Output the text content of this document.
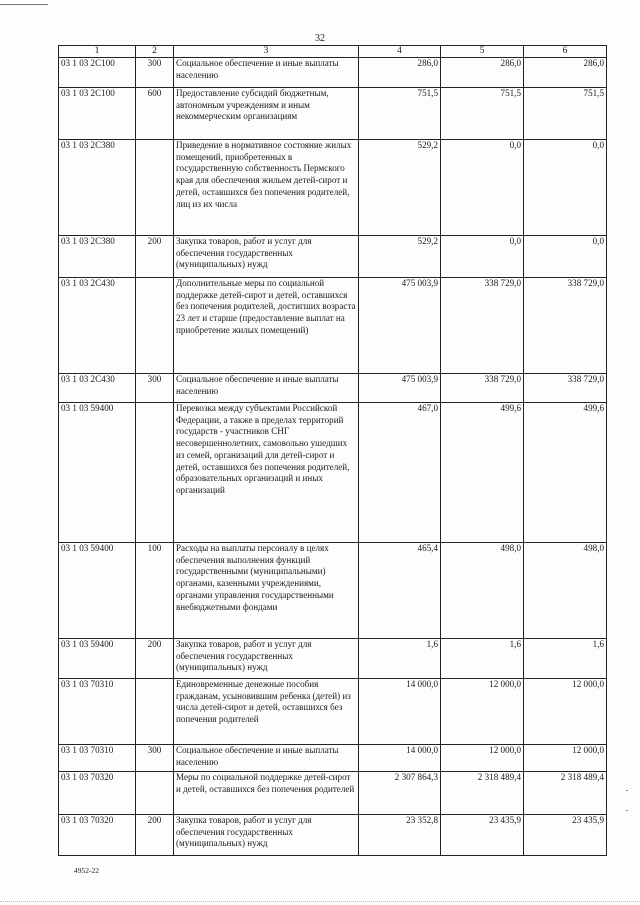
32
1	2	3	4	5	6
03 1 03 2С100	300	Социальное обеспечение и иные выплаты населению	286,0	286,0	286,0
03 1 03 2С100	600	Предоставление субсидий бюджетным, автономным учреждениям и иным некоммерческим организациям	751,5	751,5	751,5
03 1 03 2С380		Приведение в нормативное состояние жилых помещений, приобретенных в государственную собственность Пермского края для обеспечения жильем детей-сирот и детей, оставшихся без попечения родителей, лиц из их числа	529,2	0,0	0,0
03 1 03 2С380	200	Закупка товаров, работ и услуг для обеспечения государственных (муниципальных) нужд	529,2	0,0	0,0
03 1 03 2С430		Дополнительные меры по социальной поддержке детей-сирот и детей, оставшихся без попечения родителей, достигших возраста 23 лет и старше (предоставление выплат на приобретение жилых помещений)	475 003,9	338 729,0	338 729,0
03 1 03 2С430	300	Социальное обеспечение и иные выплаты населению	475 003,9	338 729,0	338 729,0
03 1 03 59400		Перевозка между субъектами Российской Федерации, а также в пределах территорий государств - участников СНГ несовершеннолетних, самовольно ушедших из семей, организаций для детей-сирот и детей, оставшихся без попечения родителей, образовательных организаций и иных организаций	467,0	499,6	499,6
03 1 03 59400	100	Расходы на выплаты персоналу в целях обеспечения выполнения функций государственными (муниципальными) органами, казенными учреждениями, органами управления государственными внебюджетными фондами	465,4	498,0	498,0
03 1 03 59400	200	Закупка товаров, работ и услуг для обеспечения государственных (муниципальных) нужд	1,6	1,6	1,6
03 1 03 70310		Единовременные денежные пособия гражданам, усыновившим ребенка (детей) из числа детей-сирот и детей, оставшихся без попечения родителей	14 000,0	12 000,0	12 000,0
03 1 03 70310	300	Социальное обеспечение и иные выплаты населению	14 000,0	12 000,0	12 000,0
03 1 03 70320		Меры по социальной поддержке детей-сирот и детей, оставшихся без попечения родителей	2 307 864,3	2 318 489,4	2 318 489,4
03 1 03 70320	200	Закупка товаров, работ и услуг для обеспечения государственных (муниципальных) нужд	23 352,8	23 435,9	23 435,9
4952-22
